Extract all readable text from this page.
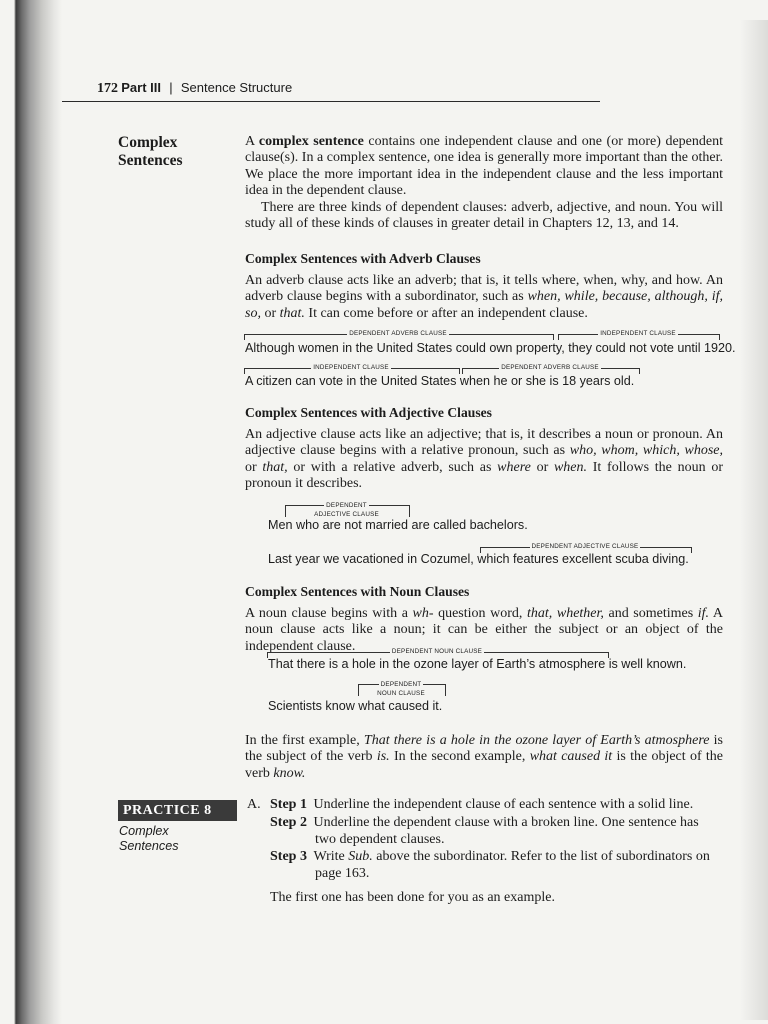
172 Part III | Sentence Structure
Complex
Sentences
A complex sentence contains one independent clause and one (or more) dependent clause(s). In a complex sentence, one idea is generally more important than the other. We place the more important idea in the independent clause and the less important idea in the dependent clause.
There are three kinds of dependent clauses: adverb, adjective, and noun. You will study all of these kinds of clauses in greater detail in Chapters 12, 13, and 14.
Complex Sentences with Adverb Clauses
An adverb clause acts like an adverb; that is, it tells where, when, why, and how. An adverb clause begins with a subordinator, such as when, while, because, although, if, so, or that. It can come before or after an independent clause.
DEPENDENT ADVERB CLAUSE	INDEPENDENT CLAUSE
Although women in the United States could own property, they could not vote until 1920.
INDEPENDENT CLAUSE	DEPENDENT ADVERB CLAUSE
A citizen can vote in the United States when he or she is 18 years old.
Complex Sentences with Adjective Clauses
An adjective clause acts like an adjective; that is, it describes a noun or pronoun. An adjective clause begins with a relative pronoun, such as who, whom, which, whose, or that, or with a relative adverb, such as where or when. It follows the noun or pronoun it describes.
DEPENDENT
ADJECTIVE CLAUSE
Men who are not married are called bachelors.
DEPENDENT ADJECTIVE CLAUSE
Last year we vacationed in Cozumel, which features excellent scuba diving.
Complex Sentences with Noun Clauses
A noun clause begins with a wh- question word, that, whether, and sometimes if. A noun clause acts like a noun; it can be either the subject or an object of the independent clause.	DEPENDENT NOUN CLAUSE
That there is a hole in the ozone layer of Earth’s atmosphere is well known.
DEPENDENT
NOUN CLAUSE
Scientists know what caused it.
In the first example, That there is a hole in the ozone layer of Earth’s atmosphere is the subject of the verb is. In the second example, what caused it is the object of the verb know.
PRACTICE 8
Complex
Sentences
A. Step 1 Underline the independent clause of each sentence with a solid line.
Step 2 Underline the dependent clause with a broken line. One sentence has
two dependent clauses.
Step 3 Write Sub. above the subordinator. Refer to the list of subordinators on
page 163.
The first one has been done for you as an example.
